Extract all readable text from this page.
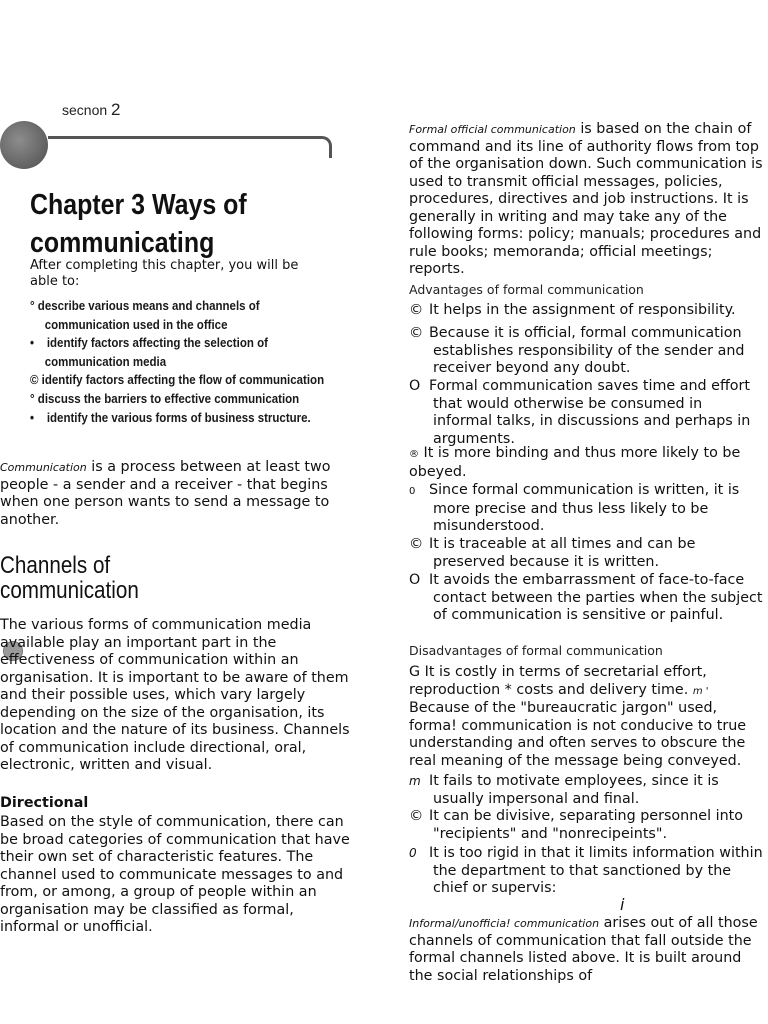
secnon 2
Chapter 3 Ways of communicating
After completing this chapter, you will be able to:
° describe various means and channels of communication used in the office
• identify factors affecting the selection of communication media
© identify factors affecting the flow of communication
° discuss the barriers to effective communication
• identify the various forms of business structure.
Communication is a process between at least two people - a sender and a receiver - that begins when one person wants to send a message to another.
Channels of communication
The various forms of communication media available play an important part in the effectiveness of communication within an organisation. It is important to be aware of them and their possible uses, which vary largely depending on the size of the organisation, its location and the nature of its business. Channels of communication include directional, oral, electronic, written and visual.
Directional
Based on the style of communication, there can be broad categories of communication that have their own set of characteristic features. The channel used to communicate messages to and from, or among, a group of people within an organisation may be classified as formal, informal or unofficial.
Formal official communication is based on the chain of command and its line of authority flows from top of the organisation down. Such communication is used to transmit official messages, policies, procedures, directives and job instructions. It is generally in writing and may take any of the following forms: policy; manuals; procedures and rule books; memoranda; official meetings; reports.
Advantages of formal communication
© It helps in the assignment of responsibility.
© Because it is official, formal communication establishes responsibility of the sender and receiver beyond any doubt.
O Formal communication saves time and effort that would otherwise be consumed in informal talks, in discussions and perhaps in arguments.
® It is more binding and thus more likely to be obeyed.
0 Since formal communication is written, it is more precise and thus less likely to be misunderstood.
© It is traceable at all times and can be preserved because it is written.
O It avoids the embarrassment of face-to-face contact between the parties when the subject of communication is sensitive or painful.
Disadvantages of formal communication
G It is costly in terms of secretarial effort, reproduction * costs and delivery time. m '
Because of the "bureaucratic jargon" used, forma! communication is not conducive to true understanding and often serves to obscure the real meaning of the message being conveyed.
m It fails to motivate employees, since it is usually impersonal and final.
© It can be divisive, separating personnel into "recipients" and "nonrecipeints".
0 It is too rigid in that it limits information within the department to that sanctioned by the chief or supervis:
i
Informal/unofficia! communication arises out of all those channels of communication that fall outside the formal channels listed above. It is built around the social relationships of
